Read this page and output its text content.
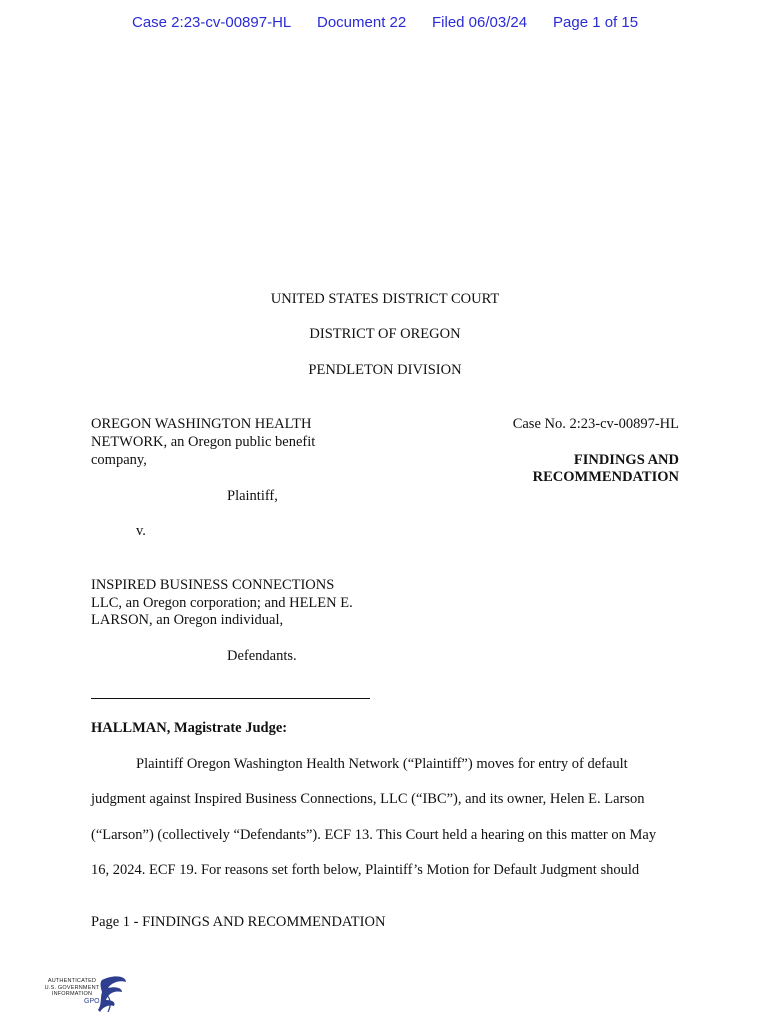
Case 2:23-cv-00897-HL Document 22 Filed 06/03/24 Page 1 of 15
UNITED STATES DISTRICT COURT
DISTRICT OF OREGON
PENDLETON DIVISION
OREGON WASHINGTON HEALTH
NETWORK, an Oregon public benefit
company,
Plaintiff,
v.
INSPIRED BUSINESS CONNECTIONS
LLC, an Oregon corporation; and HELEN E.
LARSON, an Oregon individual,
Defendants.
Case No. 2:23-cv-00897-HL
FINDINGS AND
RECOMMENDATION
HALLMAN, Magistrate Judge:
Plaintiff Oregon Washington Health Network (“Plaintiff”) moves for entry of default
judgment against Inspired Business Connections, LLC (“IBC”), and its owner, Helen E. Larson
(“Larson”) (collectively “Defendants”). ECF 13. This Court held a hearing on this matter on May
16, 2024. ECF 19. For reasons set forth below, Plaintiff’s Motion for Default Judgment should
Page 1 - FINDINGS AND RECOMMENDATION
AUTHENTICATED
U.S. GOVERNMENT
INFORMATION
GPO
